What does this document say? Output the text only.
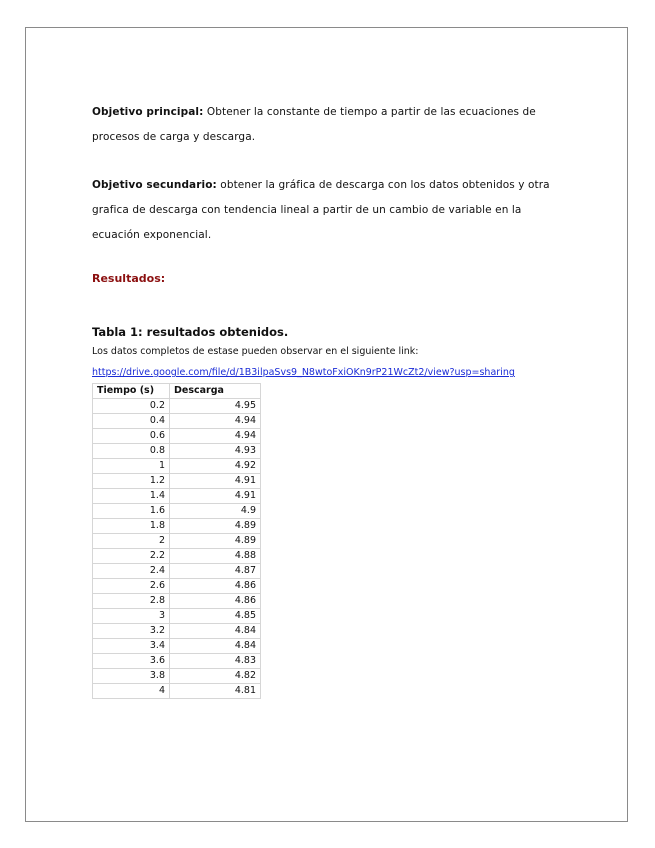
Objetivo principal: Obtener la constante de tiempo a partir de las ecuaciones de procesos de carga y descarga.

Objetivo secundario: obtener la gráfica de descarga con los datos obtenidos y otra grafica de descarga con tendencia lineal a partir de un cambio de variable en la ecuación exponencial.

Resultados:

Tabla 1: resultados obtenidos.

Los datos completos de estase pueden observar en el siguiente link:

https://drive.google.com/file/d/1B3ilpaSvs9_N8wtoFxiOKn9rP21WcZt2/view?usp=sharing
Tiempo (s)	Descarga
0.2	4.95
0.4	4.94
0.6	4.94
0.8	4.93
1	4.92
1.2	4.91
1.4	4.91
1.6	4.9
1.8	4.89
2	4.89
2.2	4.88
2.4	4.87
2.6	4.86
2.8	4.86
3	4.85
3.2	4.84
3.4	4.84
3.6	4.83
3.8	4.82
4	4.81
